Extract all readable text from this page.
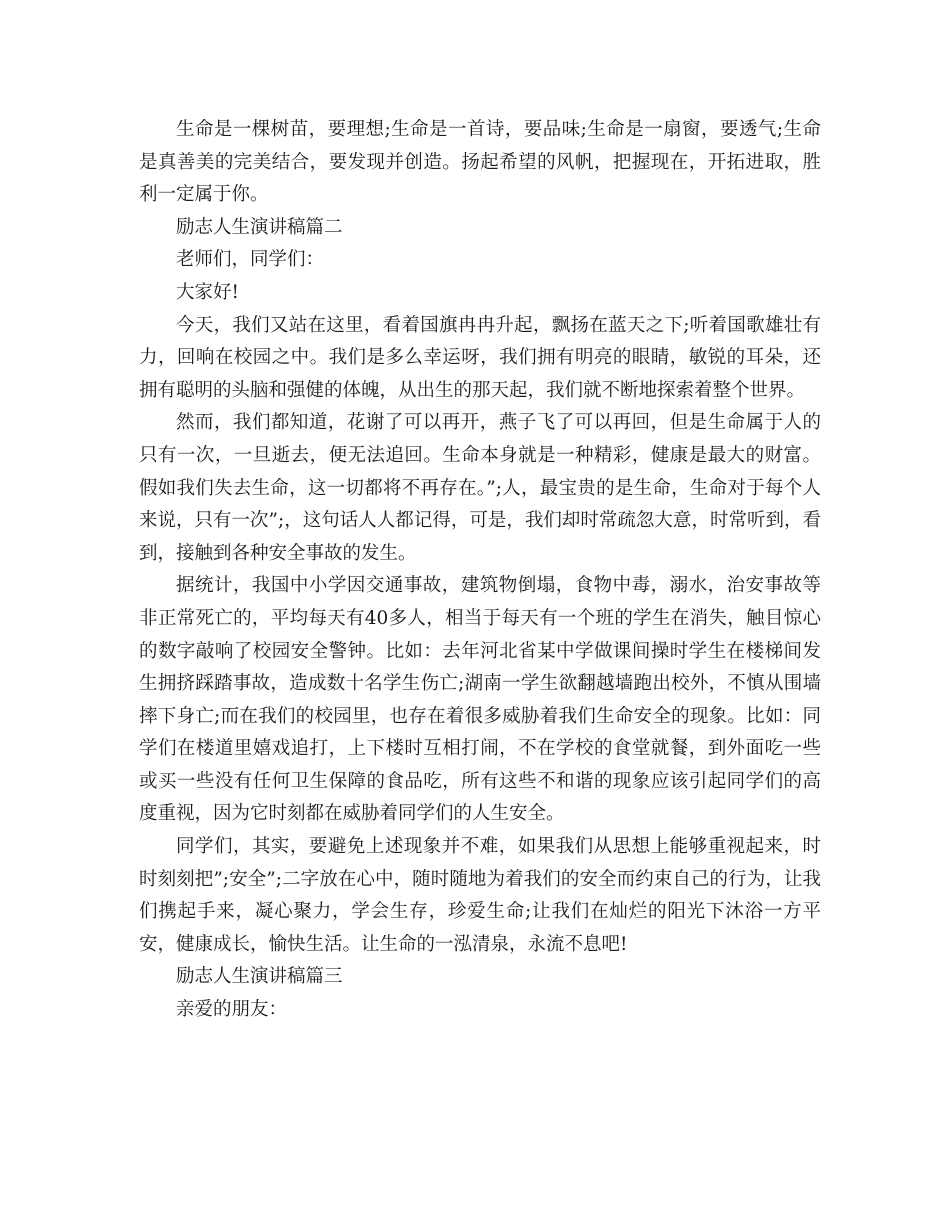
生命是一棵树苗，要理想;生命是一首诗，要品味;生命是一扇窗，要透气;生命是真善美的完美结合，要发现并创造。扬起希望的风帆，把握现在，开拓进取，胜利一定属于你。

励志人生演讲稿篇二

老师们，同学们：

大家好!

今天，我们又站在这里，看着国旗冉冉升起，飘扬在蓝天之下;听着国歌雄壮有力，回响在校园之中。我们是多么幸运呀，我们拥有明亮的眼睛，敏锐的耳朵，还拥有聪明的头脑和强健的体魄，从出生的那天起，我们就不断地探索着整个世界。

然而，我们都知道，花谢了可以再开，燕子飞了可以再回，但是生命属于人的只有一次，一旦逝去，便无法追回。生命本身就是一种精彩，健康是最大的财富。假如我们失去生命，这一切都将不再存在。”;人，最宝贵的是生命，生命对于每个人来说，只有一次”;，这句话人人都记得，可是，我们却时常疏忽大意，时常听到，看到，接触到各种安全事故的发生。

据统计，我国中小学因交通事故，建筑物倒塌，食物中毒，溺水，治安事故等非正常死亡的，平均每天有40多人，相当于每天有一个班的学生在消失，触目惊心的数字敲响了校园安全警钟。比如：去年河北省某中学做课间操时学生在楼梯间发生拥挤踩踏事故，造成数十名学生伤亡;湖南一学生欲翻越墙跑出校外，不慎从围墙摔下身亡;而在我们的校园里，也存在着很多威胁着我们生命安全的现象。比如：同学们在楼道里嬉戏追打，上下楼时互相打闹，不在学校的食堂就餐，到外面吃一些或买一些没有任何卫生保障的食品吃，所有这些不和谐的现象应该引起同学们的高度重视，因为它时刻都在威胁着同学们的人生安全。

同学们，其实，要避免上述现象并不难，如果我们从思想上能够重视起来，时时刻刻把”;安全”;二字放在心中，随时随地为着我们的安全而约束自己的行为，让我们携起手来，凝心聚力，学会生存，珍爱生命;让我们在灿烂的阳光下沐浴一方平安，健康成长，愉快生活。让生命的一泓清泉，永流不息吧!

励志人生演讲稿篇三

亲爱的朋友：
